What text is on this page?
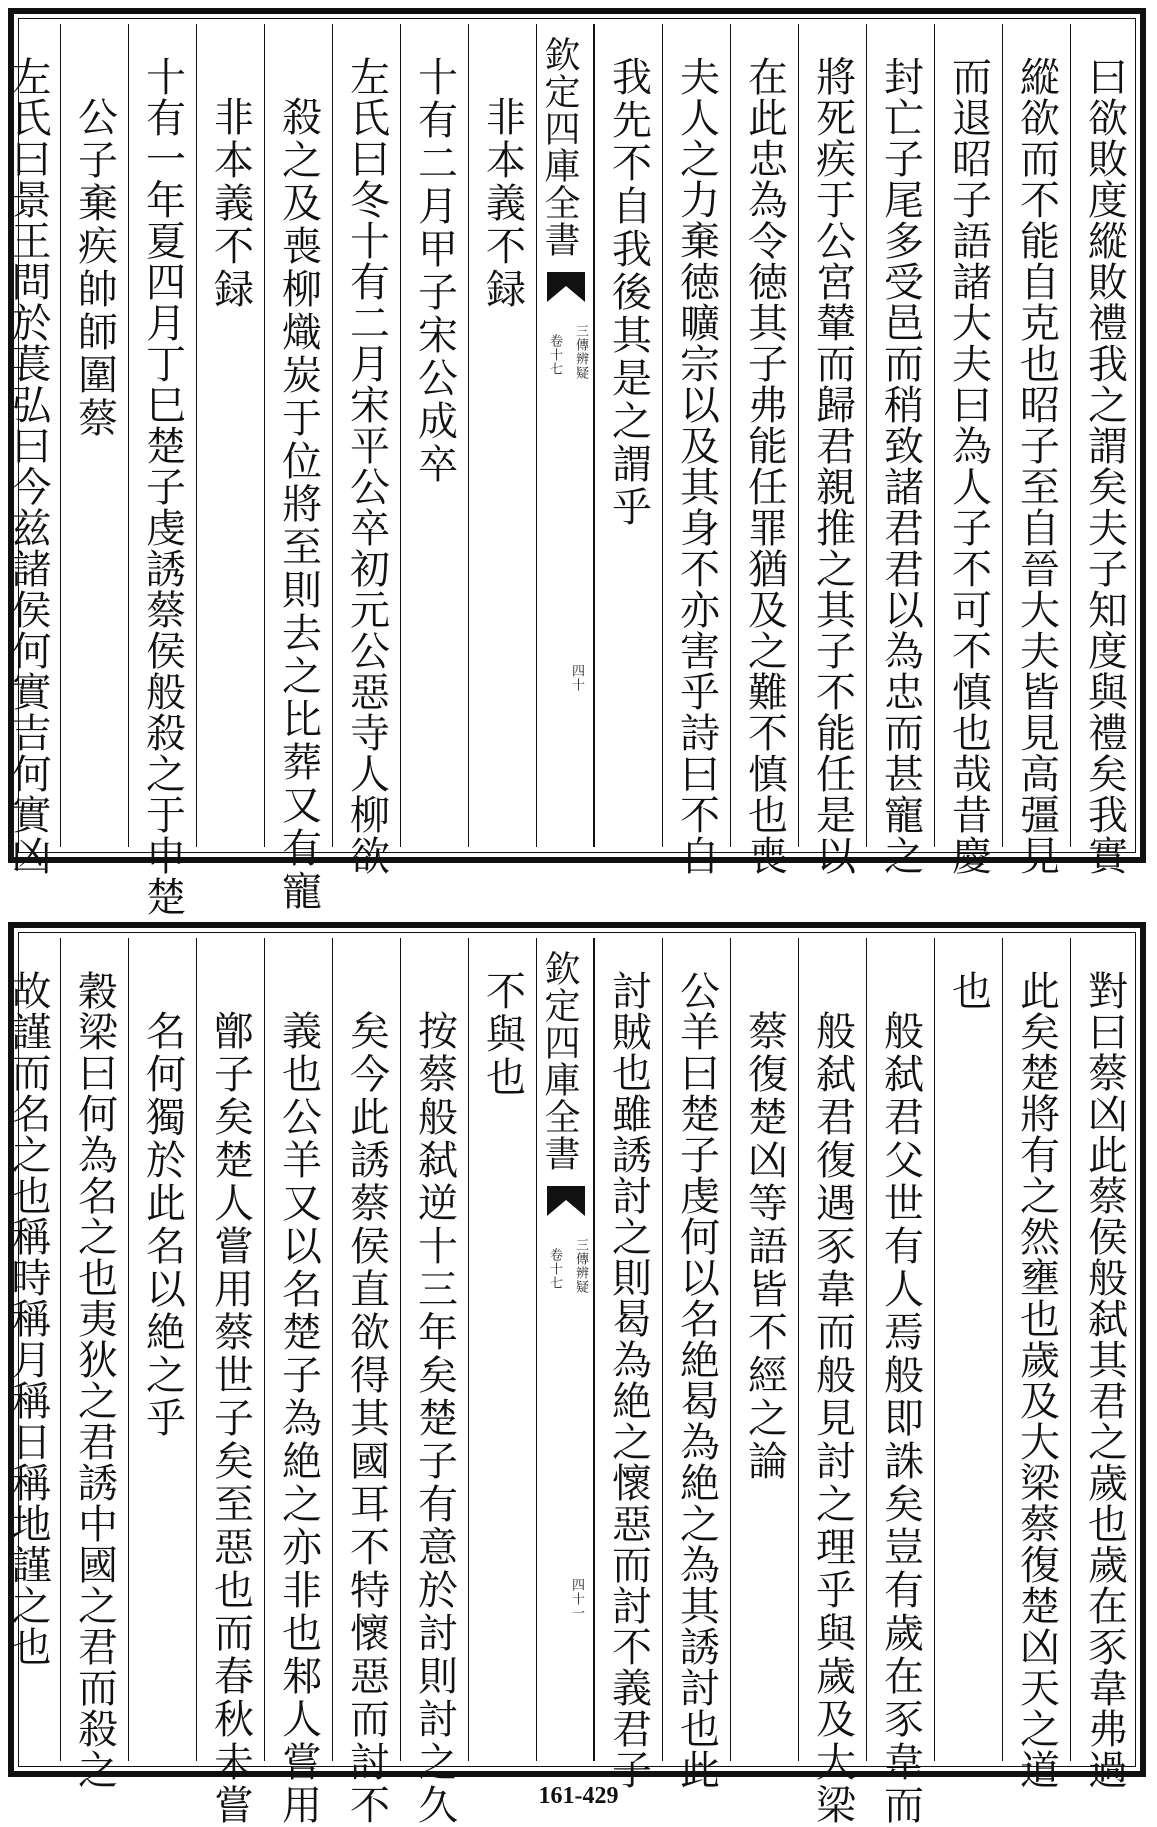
曰欲敗度縱敗禮我之謂矣夫子知度與禮矣我實
縱欲而不能自克也昭子至自晉大夫皆見高彊見
而退昭子語諸大夫曰為人子不可不慎也哉昔慶
封亡子尾多受邑而稍致諸君君以為忠而甚寵之
將死疾于公宮輦而歸君親推之其子不能任是以
在此忠為令徳其子弗能任罪猶及之難不慎也喪
夫人之力棄徳曠宗以及其身不亦害乎詩曰不自
我先不自我後其是之謂乎
欽定四庫全書
三傳辨疑
卷十七
四十
非本義不録
十有二月甲子宋公成卒
左氏曰冬十有二月宋平公卒初元公惡寺人柳欲
殺之及喪柳熾炭于位將至則去之比葬又有寵
非本義不録
十有一年夏四月丁巳楚子虔誘蔡侯般殺之于申楚
公子棄疾帥師圍蔡
左氏曰景王問於萇弘曰今兹諸侯何實吉何實凶
對曰蔡凶此蔡侯般弑其君之歲也歲在豕韋弗過
此矣楚將有之然壅也歲及大梁蔡復楚凶天之道
也
般弑君父世有人焉般即誅矣豈有歲在豕韋而
般弑君復遇豕韋而般見討之理乎與歲及大梁
蔡復楚凶等語皆不經之論
公羊曰楚子虔何以名絶曷為絶之為其誘討也此
討賊也雖誘討之則曷為絶之懷惡而討不義君子
欽定四庫全書
三傳辨疑
卷十七
四十一
不與也
按蔡般弑逆十三年矣楚子有意於討則討之久
矣今此誘蔡侯直欲得其國耳不特懷惡而討不
義也公羊又以名楚子為絶之亦非也邾人嘗用
鄫子矣楚人嘗用蔡世子矣至惡也而春秋未嘗
名何獨於此名以絶之乎
穀梁曰何為名之也夷狄之君誘中國之君而殺之
故謹而名之也稱時稱月稱日稱地謹之也
161-429
